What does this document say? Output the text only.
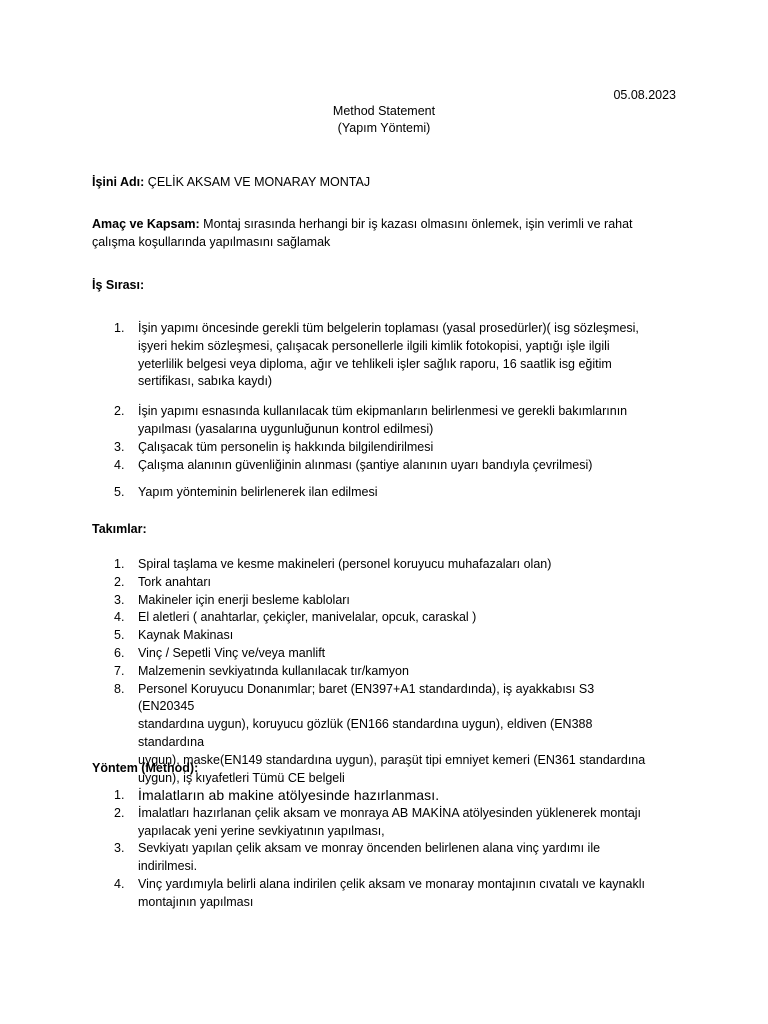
05.08.2023
Method Statement
(Yapım Yöntemi)
İşini Adı: ÇELİK AKSAM VE MONARAY MONTAJ
Amaç ve Kapsam: Montaj sırasında herhangi bir iş kazası olmasını önlemek, işin verimli ve rahat
çalışma koşullarında yapılmasını sağlamak
İş Sırası:
1. İşin yapımı öncesinde gerekli tüm belgelerin toplaması (yasal prosedürler)( isg sözleşmesi,
işyeri hekim sözleşmesi, çalışacak personellerle ilgili kimlik fotokopisi, yaptığı işle ilgili
yeterlilik belgesi veya diploma, ağır ve tehlikeli işler sağlık raporu, 16 saatlik isg eğitim
sertifikası, sabıka kaydı)
2. İşin yapımı esnasında kullanılacak tüm ekipmanların belirlenmesi ve gerekli bakımlarının
yapılması (yasalarına uygunluğunun kontrol edilmesi)
3. Çalışacak tüm personelin iş hakkında bilgilendirilmesi
4. Çalışma alanının güvenliğinin alınması (şantiye alanının uyarı bandıyla çevrilmesi)
5. Yapım yönteminin belirlenerek ilan edilmesi
Takımlar:
1. Spiral taşlama ve kesme makineleri (personel koruyucu muhafazaları olan)
2. Tork anahtarı
3. Makineler için enerji besleme kabloları
4. El aletleri ( anahtarlar, çekiçler, manivelalar, opcuk, caraskal )
5. Kaynak Makinası
6. Vinç / Sepetli Vinç ve/veya manlift
7. Malzemenin sevkiyatında kullanılacak tır/kamyon
8. Personel Koruyucu Donanımlar; baret (EN397+A1 standardında), iş ayakkabısı S3 (EN20345
standardına uygun), koruyucu gözlük (EN166 standardına uygun), eldiven (EN388 standardına
uygun), maske(EN149 standardına uygun), paraşüt tipi emniyet kemeri (EN361 standardına
uygun), iş kıyafetleri Tümü CE belgeli
Yöntem (Method):
1. İmalatların ab makine atölyesinde hazırlanması.
2. İmalatları hazırlanan çelik aksam ve monraya AB MAKİNA atölyesinden yüklenerek montajı
yapılacak yeni yerine sevkiyatının yapılması,
3. Sevkiyatı yapılan çelik aksam ve monray öncenden belirlenen alana vinç yardımı ile
indirilmesi.
4. Vinç yardımıyla belirli alana indirilen çelik aksam ve monaray montajının cıvatalı ve kaynaklı
montajının yapılması
